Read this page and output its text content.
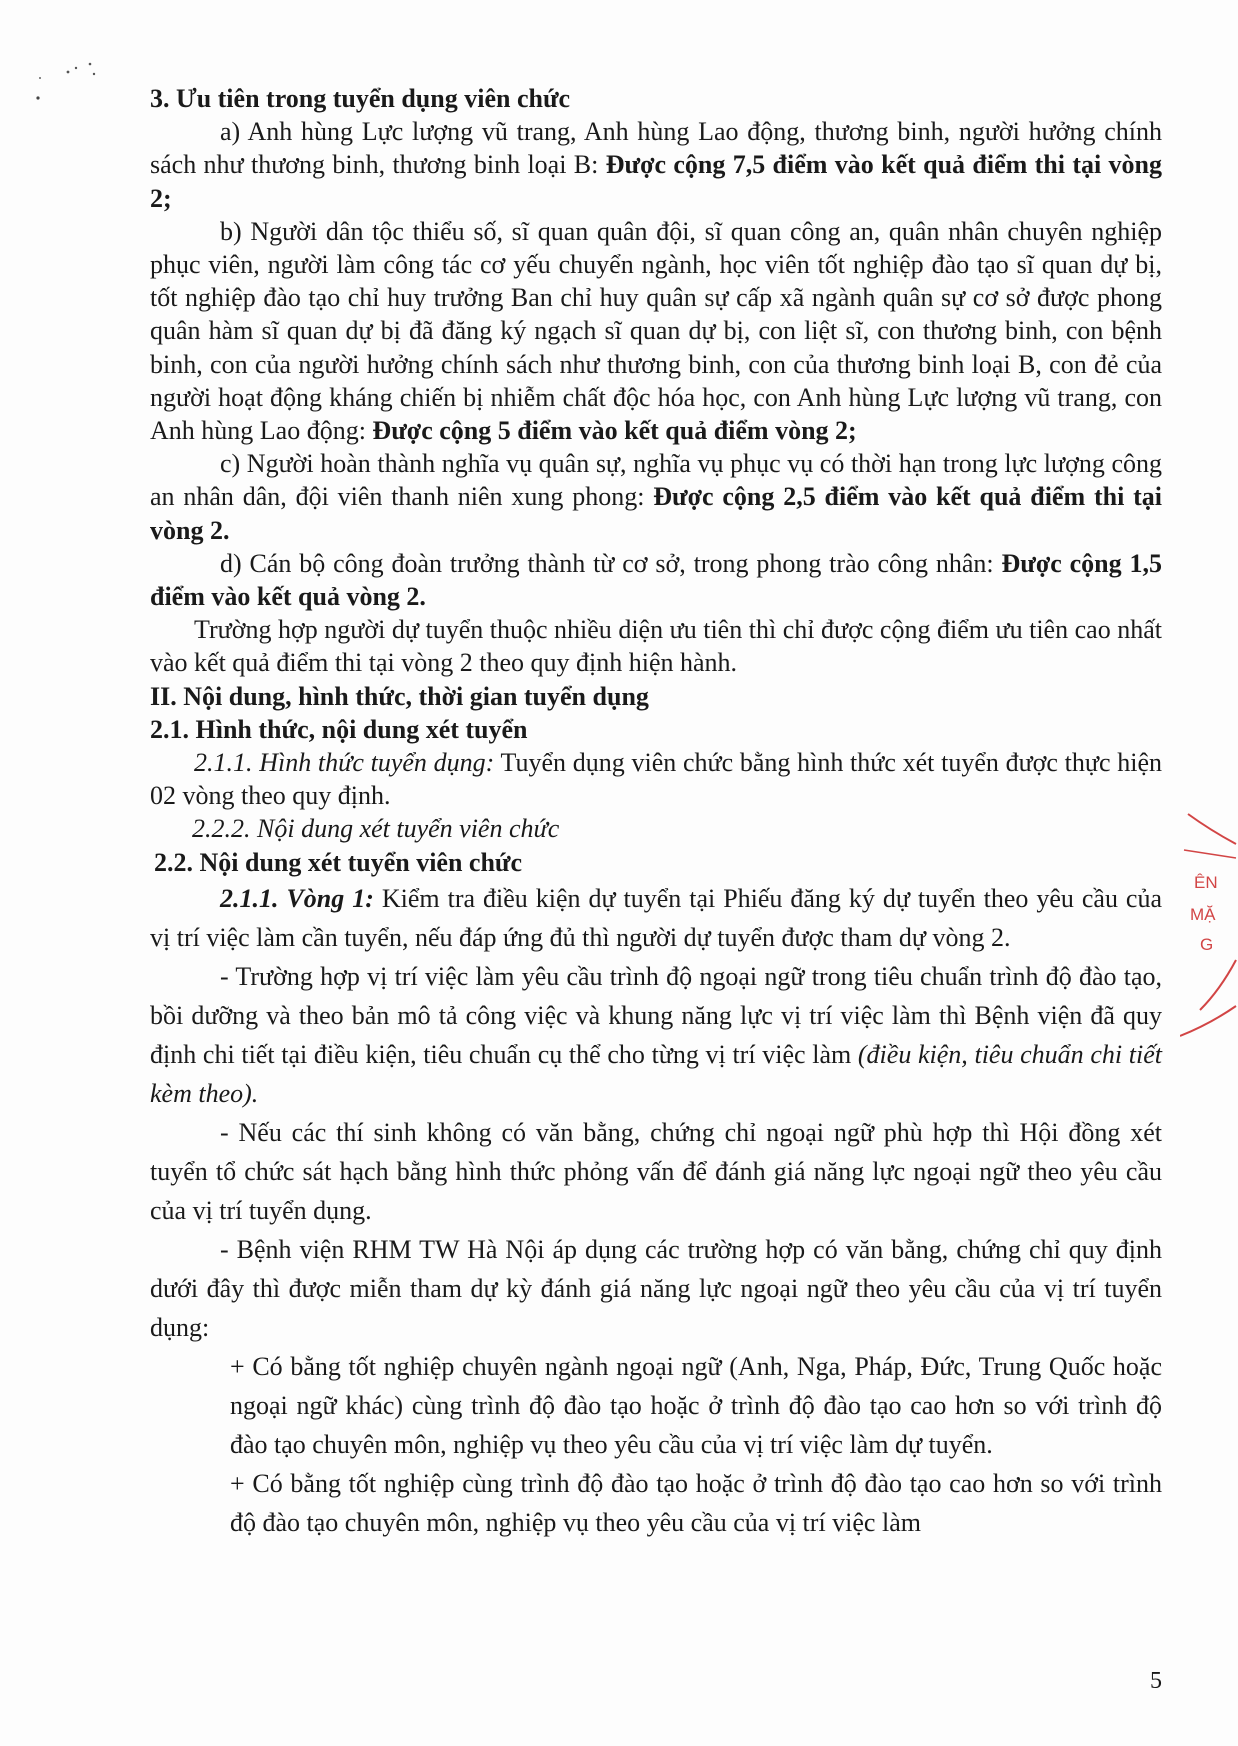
3. Ưu tiên trong tuyển dụng viên chức

a) Anh hùng Lực lượng vũ trang, Anh hùng Lao động, thương binh, người hưởng chính sách như thương binh, thương binh loại B: Được cộng 7,5 điểm vào kết quả điểm thi tại vòng 2;

b) Người dân tộc thiểu số, sĩ quan quân đội, sĩ quan công an, quân nhân chuyên nghiệp phục viên, người làm công tác cơ yếu chuyển ngành, học viên tốt nghiệp đào tạo sĩ quan dự bị, tốt nghiệp đào tạo chỉ huy trưởng Ban chỉ huy quân sự cấp xã ngành quân sự cơ sở được phong quân hàm sĩ quan dự bị đã đăng ký ngạch sĩ quan dự bị, con liệt sĩ, con thương binh, con bệnh binh, con của người hưởng chính sách như thương binh, con của thương binh loại B, con đẻ của người hoạt động kháng chiến bị nhiễm chất độc hóa học, con Anh hùng Lực lượng vũ trang, con Anh hùng Lao động: Được cộng 5 điểm vào kết quả điểm vòng 2;

c) Người hoàn thành nghĩa vụ quân sự, nghĩa vụ phục vụ có thời hạn trong lực lượng công an nhân dân, đội viên thanh niên xung phong: Được cộng 2,5 điểm vào kết quả điểm thi tại vòng 2.

d) Cán bộ công đoàn trưởng thành từ cơ sở, trong phong trào công nhân: Được cộng 1,5 điểm vào kết quả vòng 2.

Trường hợp người dự tuyển thuộc nhiều diện ưu tiên thì chỉ được cộng điểm ưu tiên cao nhất vào kết quả điểm thi tại vòng 2 theo quy định hiện hành.

II. Nội dung, hình thức, thời gian tuyển dụng

2.1. Hình thức, nội dung xét tuyển

2.1.1. Hình thức tuyển dụng: Tuyển dụng viên chức bằng hình thức xét tuyển được thực hiện 02 vòng theo quy định.

2.2.2. Nội dung xét tuyển viên chức

2.2. Nội dung xét tuyển viên chức

2.1.1. Vòng 1: Kiểm tra điều kiện dự tuyển tại Phiếu đăng ký dự tuyển theo yêu cầu của vị trí việc làm cần tuyển, nếu đáp ứng đủ thì người dự tuyển được tham dự vòng 2.

- Trường hợp vị trí việc làm yêu cầu trình độ ngoại ngữ trong tiêu chuẩn trình độ đào tạo, bồi dưỡng và theo bản mô tả công việc và khung năng lực vị trí việc làm thì Bệnh viện đã quy định chi tiết tại điều kiện, tiêu chuẩn cụ thể cho từng vị trí việc làm (điều kiện, tiêu chuẩn chi tiết kèm theo).

- Nếu các thí sinh không có văn bằng, chứng chỉ ngoại ngữ phù hợp thì Hội đồng xét tuyển tổ chức sát hạch bằng hình thức phỏng vấn để đánh giá năng lực ngoại ngữ theo yêu cầu của vị trí tuyển dụng.

- Bệnh viện RHM TW Hà Nội áp dụng các trường hợp có văn bằng, chứng chỉ quy định dưới đây thì được miễn tham dự kỳ đánh giá năng lực ngoại ngữ theo yêu cầu của vị trí tuyển dụng:

+ Có bằng tốt nghiệp chuyên ngành ngoại ngữ (Anh, Nga, Pháp, Đức, Trung Quốc hoặc ngoại ngữ khác) cùng trình độ đào tạo hoặc ở trình độ đào tạo cao hơn so với trình độ đào tạo chuyên môn, nghiệp vụ theo yêu cầu của vị trí việc làm dự tuyển.

+ Có bằng tốt nghiệp cùng trình độ đào tạo hoặc ở trình độ đào tạo cao hơn so với trình độ đào tạo chuyên môn, nghiệp vụ theo yêu cầu của vị trí việc làm

ÊN
MẶ
G
5
